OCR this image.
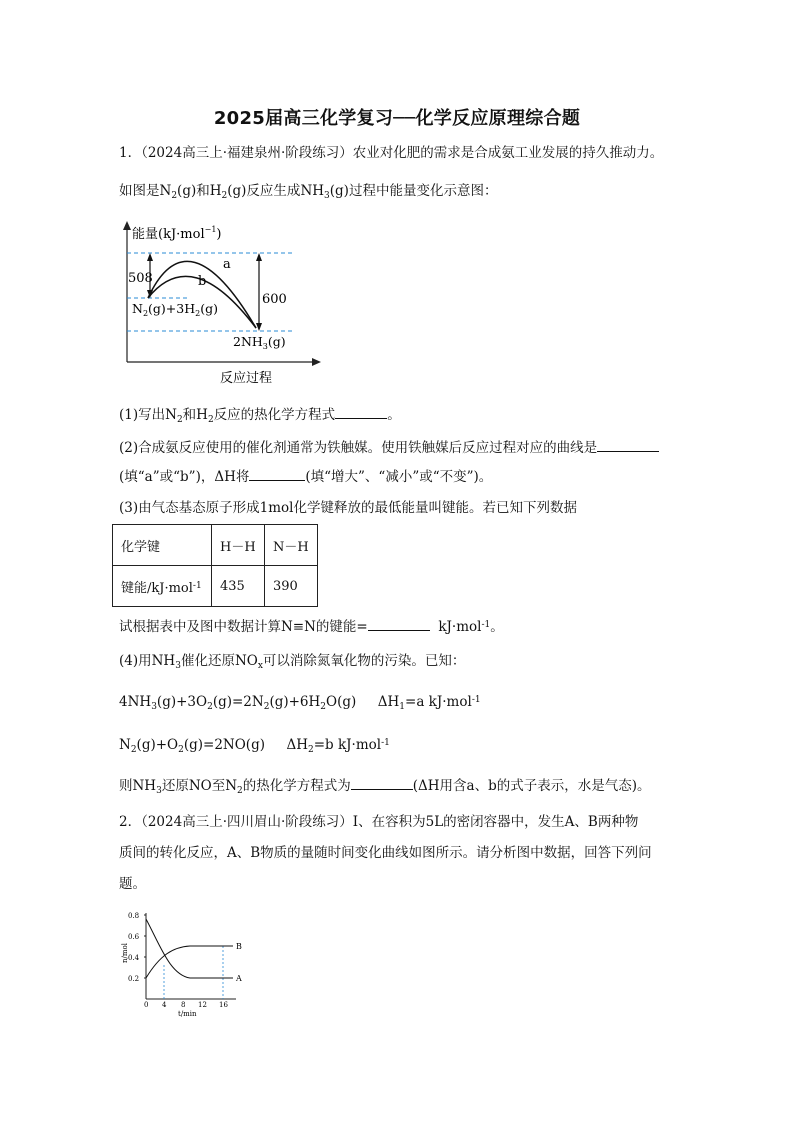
2025届高三化学复习──化学反应原理综合题
1．（2024高三上·福建泉州·阶段练习）农业对化肥的需求是合成氨工业发展的持久推动力。
如图是$N_2(g)$和$H_2(g)$反应生成$NH_3(g)$过程中能量变化示意图：
能量(kJ·mol$^{-1}$)
508
600
a
b
$N_2(g)+3H_2(g)$
$2NH_3(g)$
反应过程
(1)写出$N_2$和$H_2$反应的热化学方程式	。
(2)合成氨反应使用的催化剂通常为铁触媒。使用铁触媒后反应过程对应的曲线是
(填“a”或“b”)，ΔH将	(填“增大”、“减小”或“不变”)。
(3)由气态基态原子形成1mol化学键释放的最低能量叫键能。若已知下列数据
化学键	H－H	N－H
键能/kJ·mol$^{-1}$	435	390
试根据表中及图中数据计算N≡N的键能=	kJ·mol$^{-1}$。
(4)用$NH_3$催化还原$NO_x$可以消除氮氧化物的污染。已知：
$4NH_3(g)+3O_2(g)=2N_2(g)+6H_2O(g)$ $\Delta H_1=a$ kJ·mol$^{-1}$
$N_2(g)+O_2(g)=2NO(g)$ $\Delta H_2=b$ kJ·mol$^{-1}$
则$NH_3$还原NO至$N_2$的热化学方程式为	(ΔH用含a、b的式子表示，水是气态)。
2．（2024高三上·四川眉山·阶段练习）Ⅰ、在容积为5L的密闭容器中，发生A、B两种物
质间的转化反应，A、B物质的量随时间变化曲线如图所示。请分析图中数据，回答下列问
题。
0.8
0.6
0.4
0.2
n/mol	B
A
0 4 8 12 16
t/min
